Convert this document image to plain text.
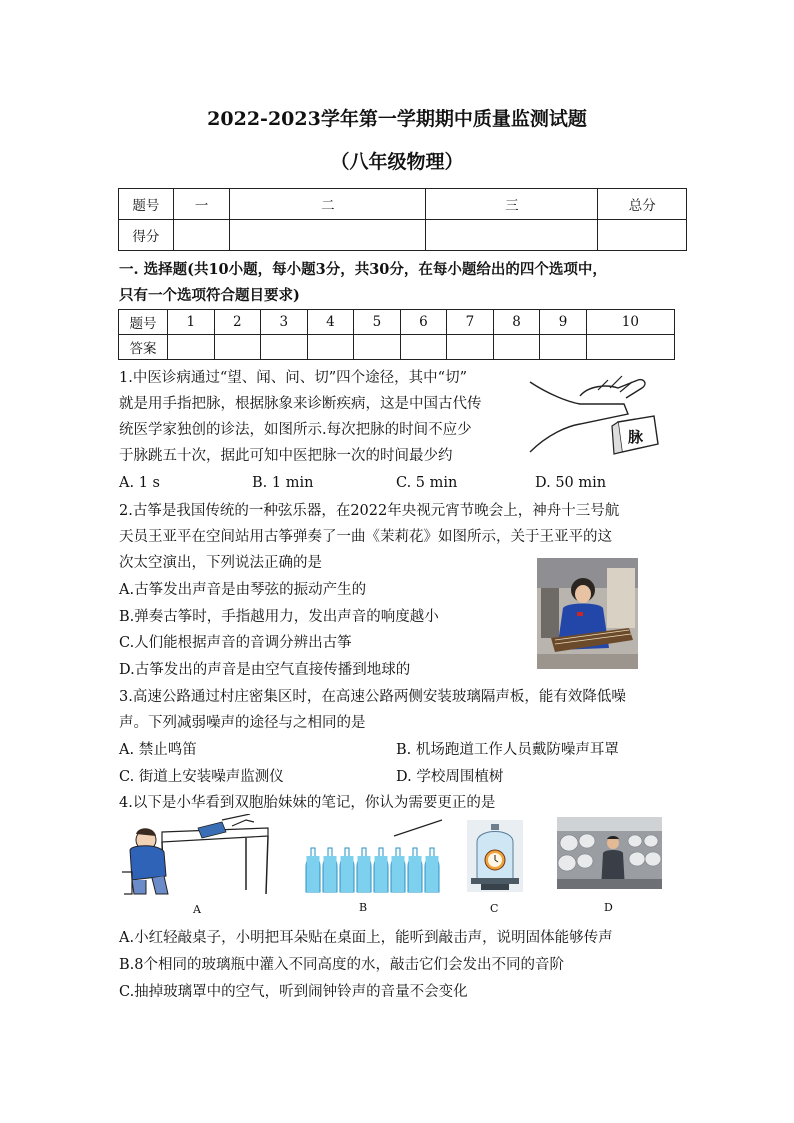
2022-2023学年第一学期期中质量监测试题
（八年级物理）
题号	一	二	三	总分
得分				
一. 选择题(共10小题，每小题3分，共30分，在每小题给出的四个选项中，
只有一个选项符合题目要求)
题号	1	2	3	4	5	6	7	8	9	10
答案										
1.中医诊病通过“望、闻、问、切”四个途径，其中“切”
就是用手指把脉，根据脉象来诊断疾病，这是中国古代传
统医学家独创的诊法，如图所示.每次把脉的时间不应少
于脉跳五十次，据此可知中医把脉一次的时间最少约
A. 1 s	B. 1 min	C. 5 min	D. 50 min
脉
2.古筝是我国传统的一种弦乐器，在2022年央视元宵节晚会上，神舟十三号航
天员王亚平在空间站用古筝弹奏了一曲《茉莉花》如图所示，关于王亚平的这
次太空演出，下列说法正确的是
A.古筝发出声音是由琴弦的振动产生的
B.弹奏古筝时，手指越用力，发出声音的响度越小
C.人们能根据声音的音调分辨出古筝
D.古筝发出的声音是由空气直接传播到地球的
3.高速公路通过村庄密集区时，在高速公路两侧安装玻璃隔声板，能有效降低噪
声。下列减弱噪声的途径与之相同的是
A. 禁止鸣笛	B. 机场跑道工作人员戴防噪声耳罩
C. 街道上安装噪声监测仪	D. 学校周围植树
4.以下是小华看到双胞胎妹妹的笔记，你认为需要更正的是
A	B	C	D
A.小红轻敲桌子，小明把耳朵贴在桌面上，能听到敲击声，说明固体能够传声
B.8个相同的玻璃瓶中灌入不同高度的水，敲击它们会发出不同的音阶
C.抽掉玻璃罩中的空气，听到闹钟铃声的音量不会变化
